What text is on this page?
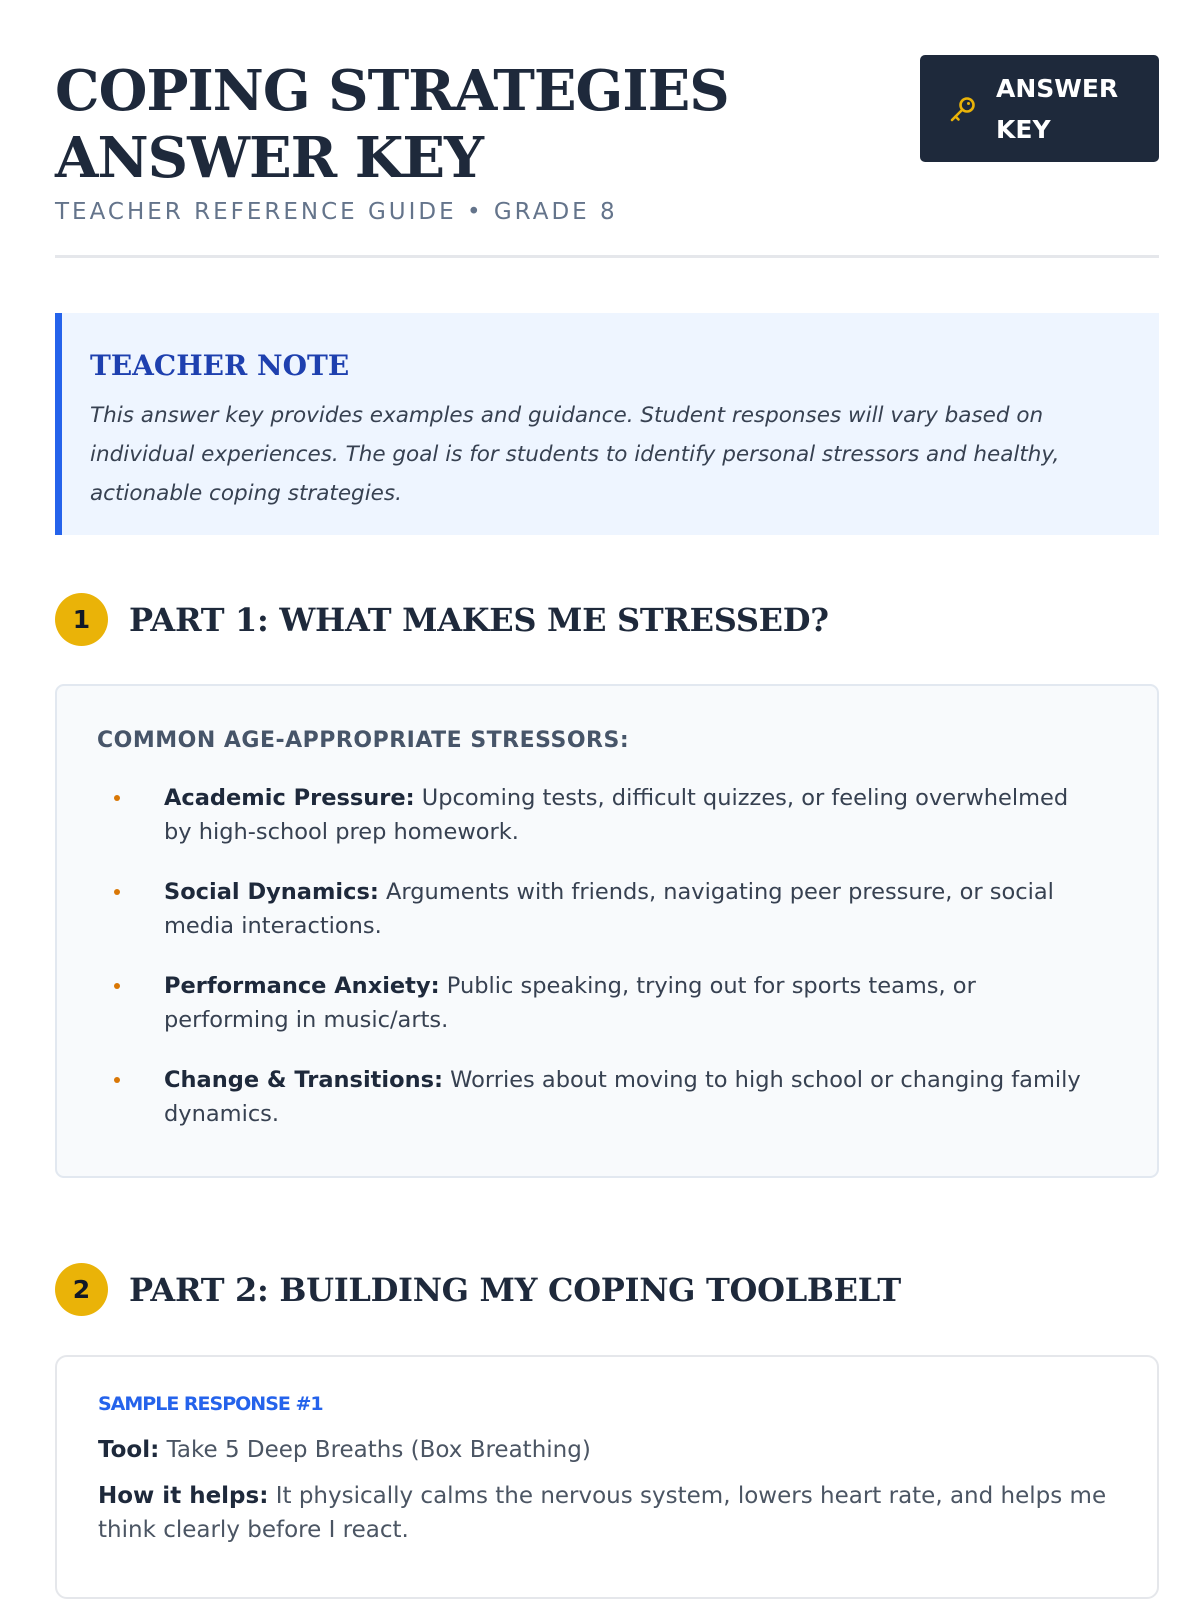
COPING STRATEGIES ANSWER KEY
TEACHER REFERENCE GUIDE • GRADE 8
ANSWER KEY
TEACHER NOTE

This answer key provides examples and guidance. Student responses will vary based on individual experiences. The goal is for students to identify personal stressors and healthy, actionable coping strategies.

1	PART 1: WHAT MAKES ME STRESSED?
COMMON AGE-APPROPRIATE STRESSORS:
Academic Pressure: Upcoming tests, difficult quizzes, or feeling overwhelmed by high-school prep homework.
Social Dynamics: Arguments with friends, navigating peer pressure, or social media interactions.
Performance Anxiety: Public speaking, trying out for sports teams, or performing in music/arts.
Change & Transitions: Worries about moving to high school or changing family dynamics.
2	PART 2: BUILDING MY COPING TOOLBELT
SAMPLE RESPONSE #1

Tool: Take 5 Deep Breaths (Box Breathing)

How it helps: It physically calms the nervous system, lowers heart rate, and helps me think clearly before I react.
